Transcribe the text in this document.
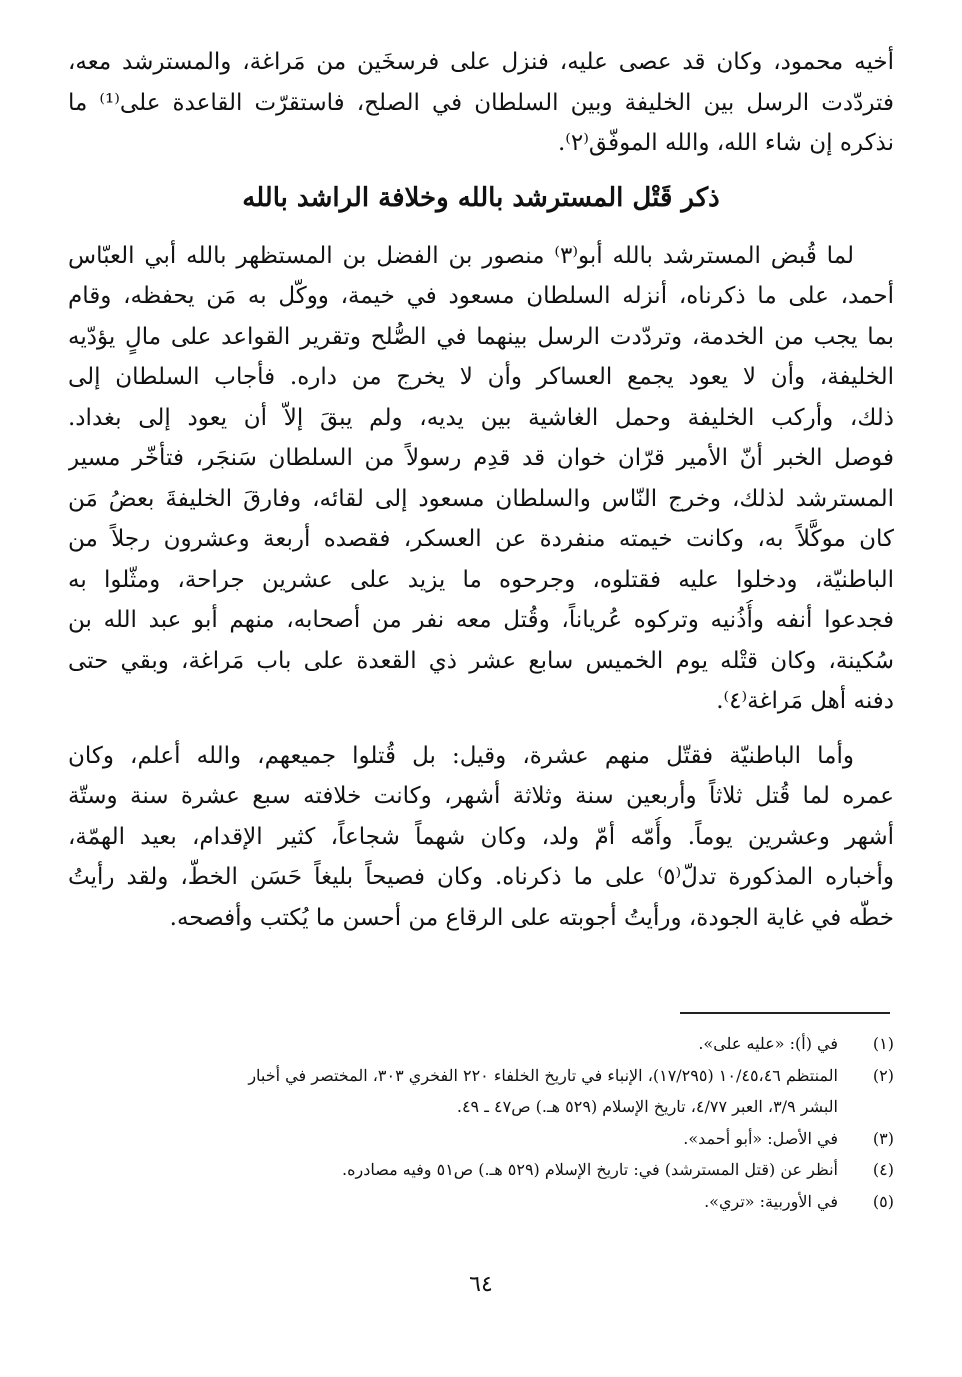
أخيه محمود، وكان قد عصى عليه، فنزل على فرسخَين من مَراغة، والمسترشد معه،
فتردّدت الرسل بين الخليفة وبين السلطان في الصلح، فاستقرّت القاعدة على⁽¹⁾ ما
نذكره إن شاء الله، والله الموفّق⁽٢⁾.
ذكر قَتْل المسترشد بالله وخلافة الراشد بالله
لما قُبض المسترشد بالله أبو⁽٣⁾ منصور بن الفضل بن المستظهر بالله أبي العبّاس
أحمد، على ما ذكرناه، أنزله السلطان مسعود في خيمة، ووكّل به مَن يحفظه، وقام
بما يجب من الخدمة، وتردّدت الرسل بينهما في الصُّلح وتقرير القواعد على مالٍ يؤدّيه
الخليفة، وأن لا يعود يجمع العساكر وأن لا يخرج من داره. فأجاب السلطان إلى
ذلك، وأركب الخليفة وحمل الغاشية بين يديه، ولم يبقَ إلاّ أن يعود إلى بغداد.
فوصل الخبر أنّ الأمير قرّان خوان قد قدِم رسولاً من السلطان سَنجَر، فتأخّر مسير
المسترشد لذلك، وخرج النّاس والسلطان مسعود إلى لقائه، وفارقَ الخليفةَ بعضُ مَن
كان موكَّلاً به، وكانت خيمته منفردة عن العسكر، فقصده أربعة وعشرون رجلاً من
الباطنيّة، ودخلوا عليه فقتلوه، وجرحوه ما يزيد على عشرين جراحة، ومثّلوا به
فجدعوا أنفه وأُذُنيه وتركوه عُرياناً، وقُتل معه نفر من أصحابه، منهم أبو عبد الله بن
سُكينة، وكان قتْله يوم الخميس سابع عشر ذي القعدة على باب مَراغة، وبقي حتى
دفنه أهل مَراغة⁽٤⁾.
وأما الباطنيّة فقتّل منهم عشرة، وقيل: بل قُتلوا جميعهم، والله أعلم، وكان
عمره لما قُتل ثلاثاً وأربعين سنة وثلاثة أشهر، وكانت خلافته سبع عشرة سنة وستّة
أشهر وعشرين يوماً. وأُمّه أمّ ولد، وكان شهماً شجاعاً، كثير الإقدام، بعيد الهمّة،
وأخباره المذكورة تدلّ⁽٥⁾ على ما ذكرناه. وكان فصيحاً بليغاً حَسَن الخطّ، ولقد رأيتُ
خطّه في غاية الجودة، ورأيتُ أجوبته على الرقاع من أحسن ما يُكتب وأفصحه.
(١)
في (أ): «عليه على».
(٢)
المنتظم ١٠/٤٥،٤٦ (١٧/٢٩٥)، الإنباء في تاريخ الخلفاء ٢٢٠ الفخري ٣٠٣، المختصر في أخبار
البشر ٣/٩، العبر ٤/٧٧، تاريخ الإسلام (٥٢٩ هـ.) ص٤٧ ـ ٤٩.
(٣)
في الأصل: «أبو أحمد».
(٤)
أنظر عن (قتل المسترشد) في: تاريخ الإسلام (٥٢٩ هـ.) ص٥١ وفيه مصادره.
(٥)
في الأوربية: «تري».
٦٤
